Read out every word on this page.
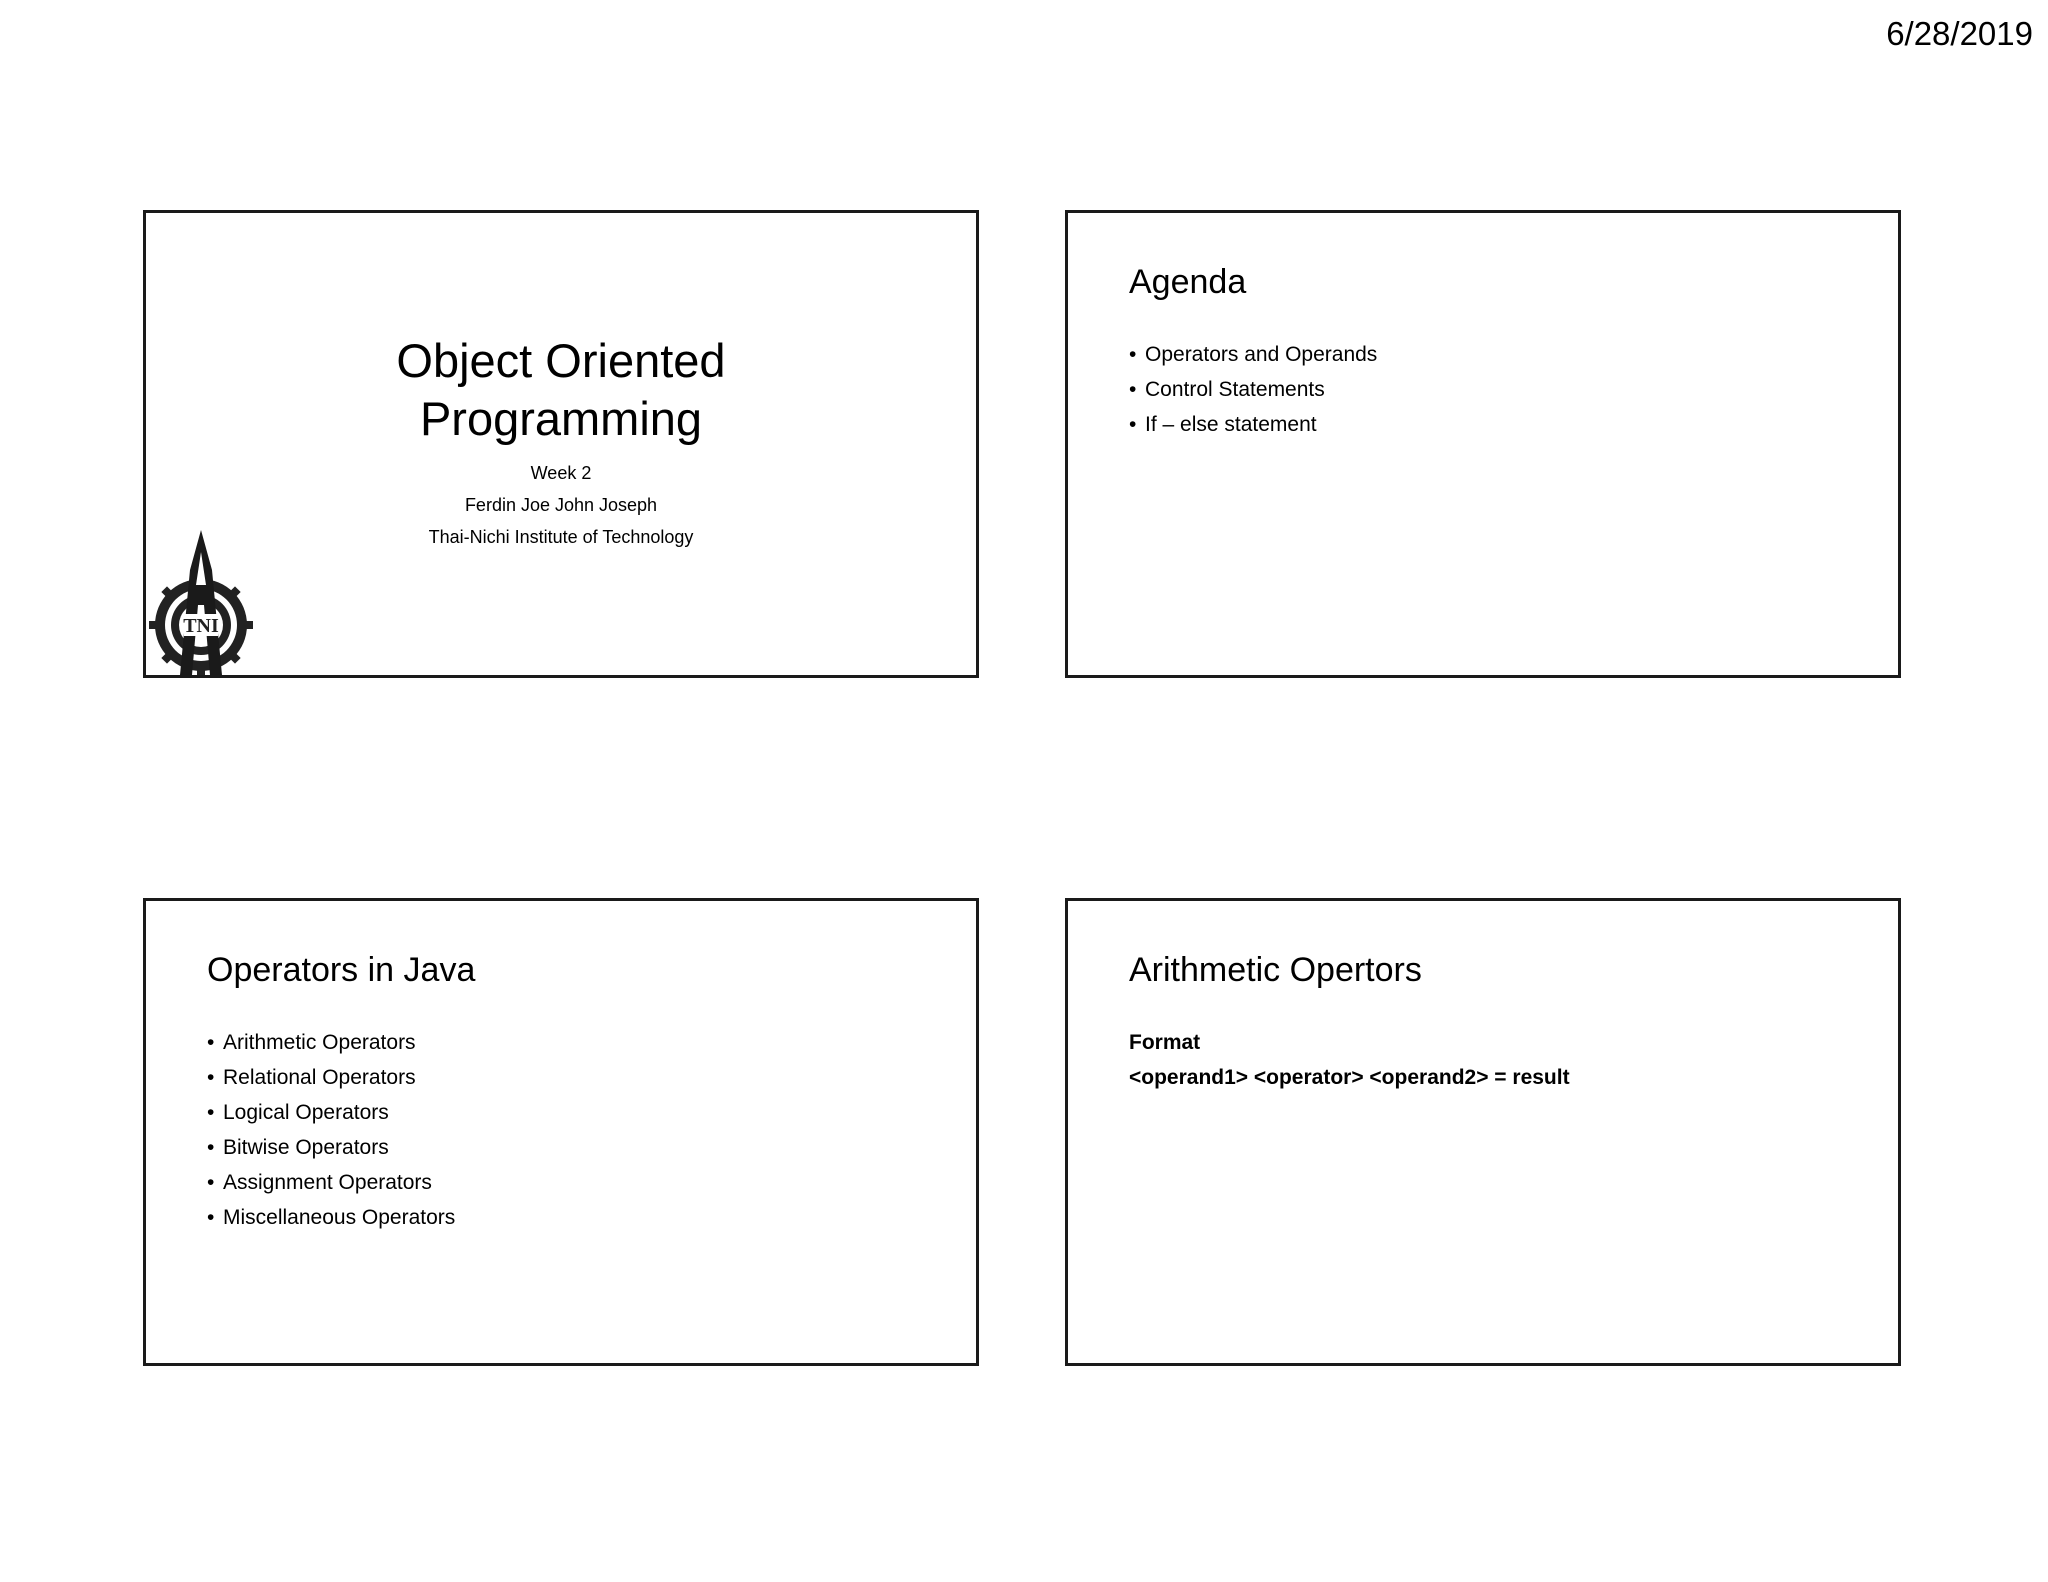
6/28/2019
Object Oriented
Programming
Week 2
Ferdin Joe John Joseph
Thai-Nichi Institute of Technology
TNI
Agenda
• Operators and Operands
• Control Statements
• If – else statement
Operators in Java
• Arithmetic Operators
• Relational Operators
• Logical Operators
• Bitwise Operators
• Assignment Operators
• Miscellaneous Operators
Arithmetic Opertors
Format
<operand1> <operator> <operand2> = result
